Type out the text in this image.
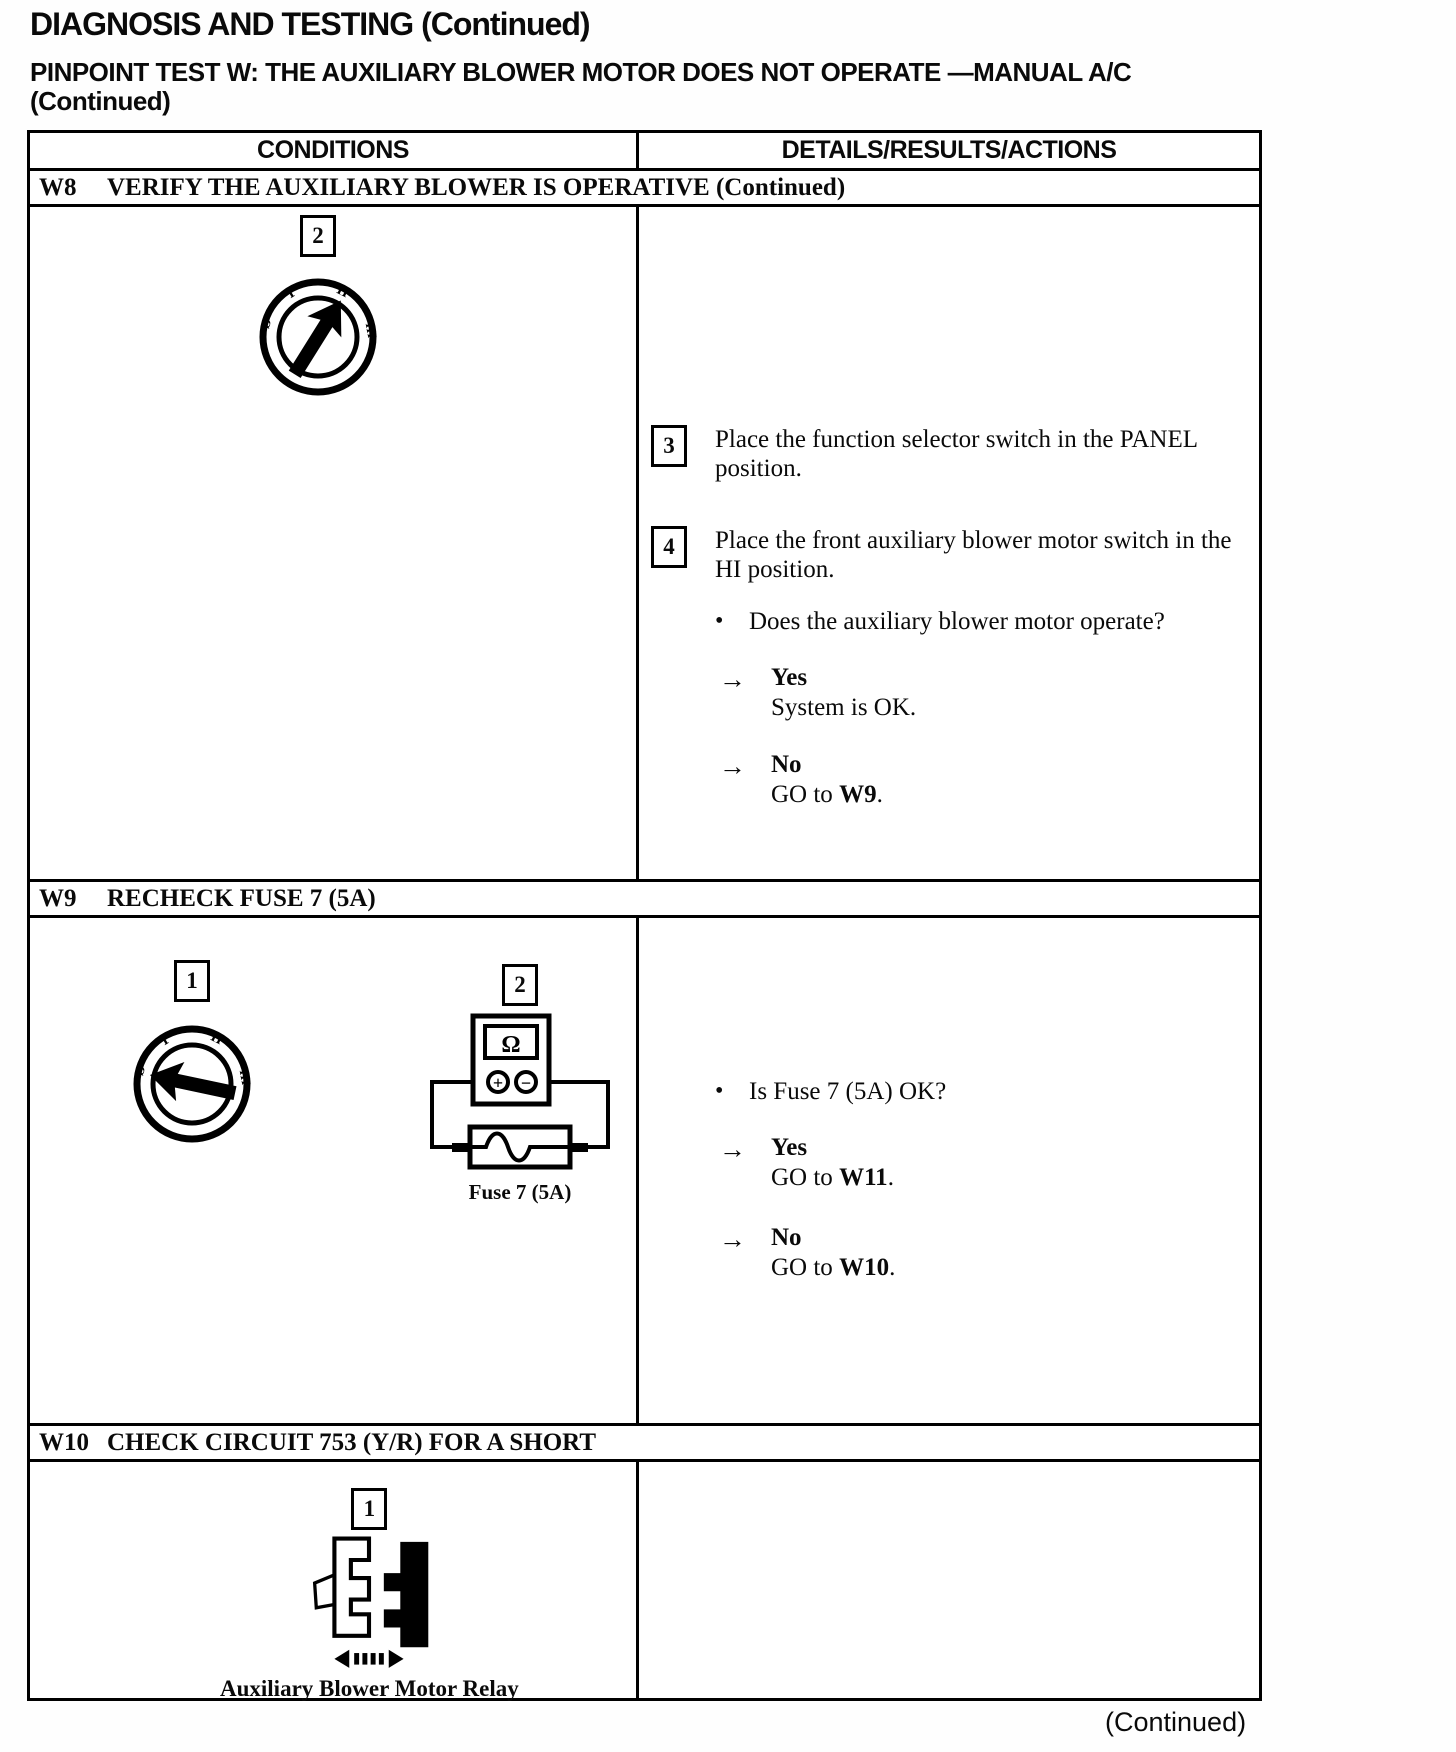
DIAGNOSIS AND TESTING (Continued)
PINPOINT TEST W: THE AUXILIARY BLOWER MOTOR DOES NOT OPERATE —MANUAL A/C
(Continued)
CONDITIONS	DETAILS/RESULTS/ACTIONS
W8	VERIFY THE AUXILIARY BLOWER IS OPERATIVE (Continued)
2
Ø
I II
III
3	Place the function selector switch in the PANEL position.
4	Place the front auxiliary blower motor switch in the HI position.
•	Does the auxiliary blower motor operate?
→	Yes
System is OK.
→	No
GO to W9.
W9	RECHECK FUSE 7 (5A)
1
Ø
I II
III
2
Ω
+ −
Fuse 7 (5A)
•	Is Fuse 7 (5A) OK?
→	Yes
GO to W11.
→	No
GO to W10.
W10 CHECK CIRCUIT 753 (Y/R) FOR A SHORT
1
Auxiliary Blower Motor Relay
(Continued)
